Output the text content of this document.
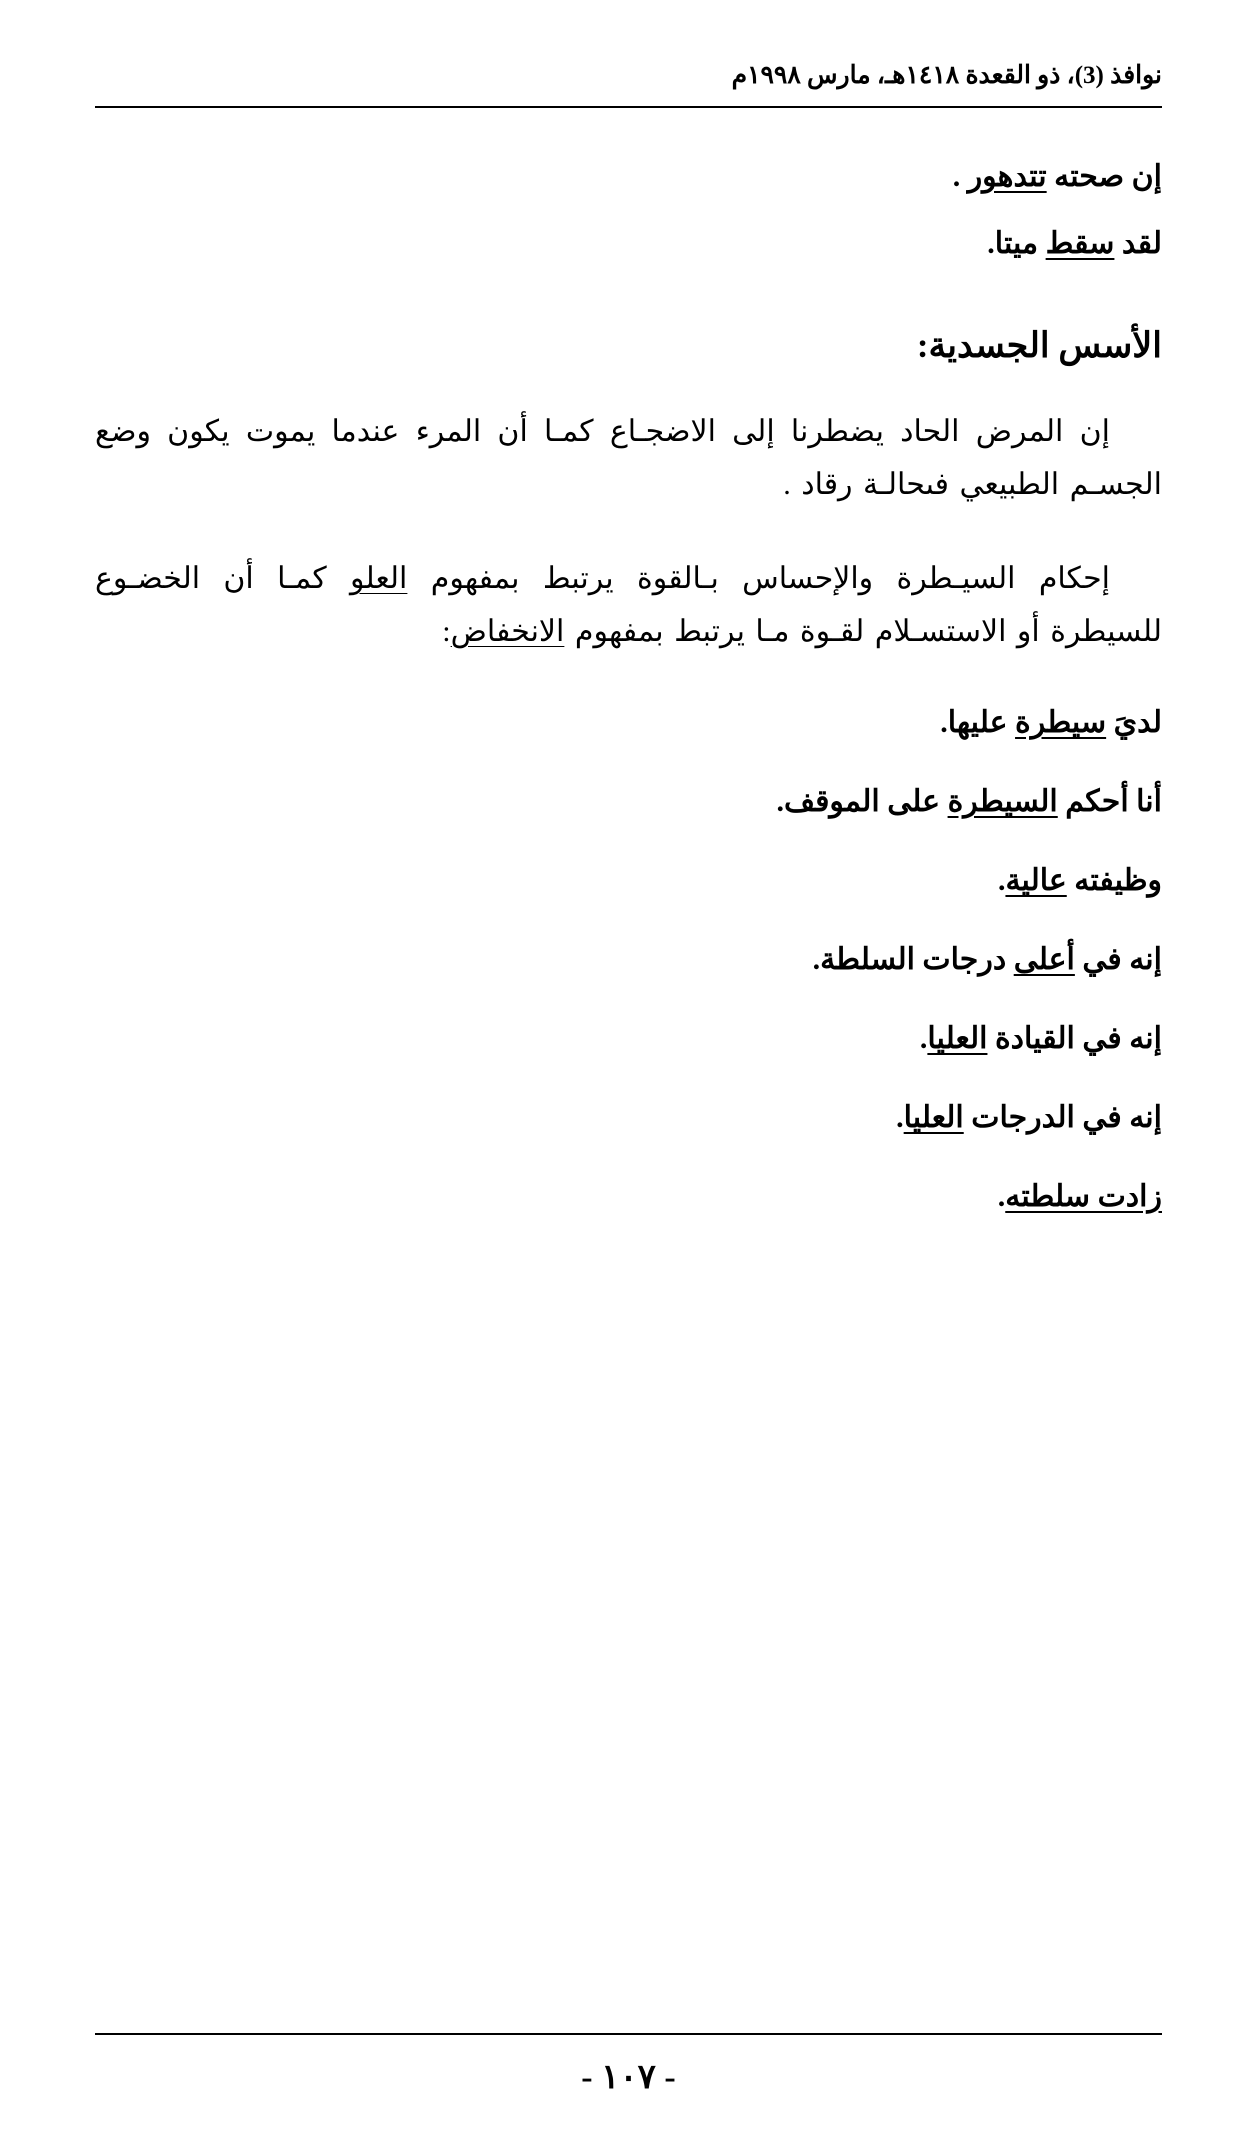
نوافذ (3)، ذو القعدة ١٤١٨هـ، مارس ١٩٩٨م

إن صحته تتدهور .

لقد سقط ميتا.

الأسس الجسدية:

إن المرض الحاد يضطرنا إلى الاضجـاع كمـا أن المرء عندما يموت يكون وضع الجسـم الطبيعي فىحالـة رقاد .

إحكام السيـطرة والإحساس بـالقوة يرتبط بمفهوم العلو كمـا أن الخضـوع للسيطرة أو الاستسـلام لقـوة مـا يرتبط بمفهوم الانخفاض:

لديَ سيطرة عليها.

أنا أحكم السيطرة على الموقف.

وظيفته عالية.

إنه في أعلى درجات السلطة.

إنه في القيادة العليا.

إنه في الدرجات العليا.

زادت سلطته.

- ١٠٧ -
